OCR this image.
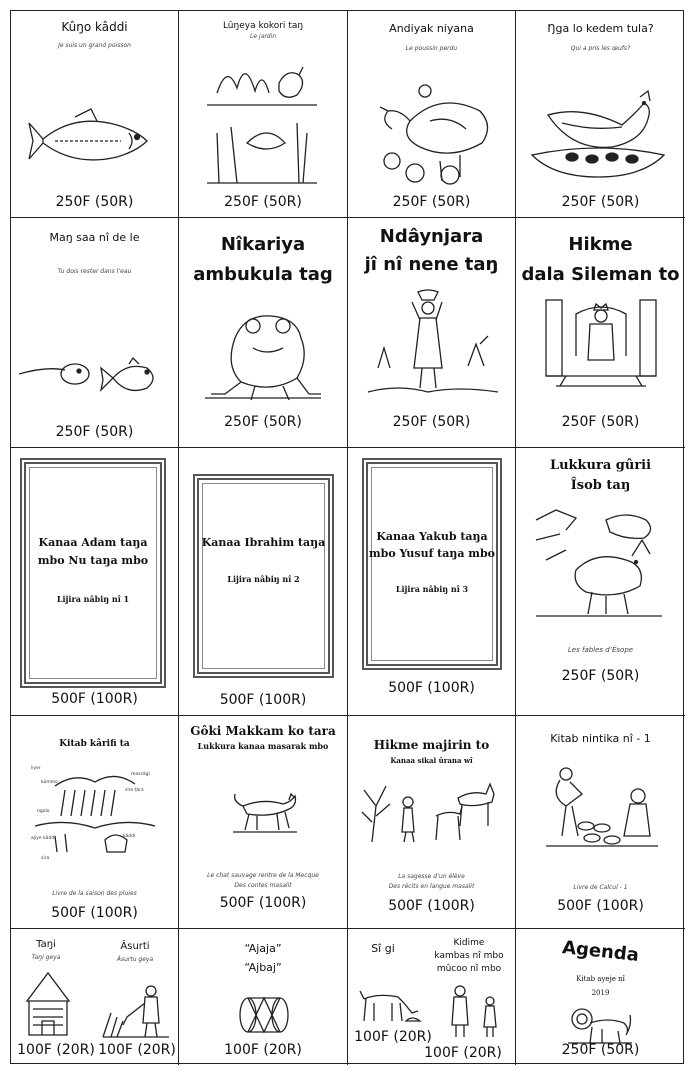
Kûŋo kâddi
Je suis un grand poisson
250F (50R)
Lûŋeya kokori taŋ
Le jardin
250F (50R)
Andiyak niyana
Le poussin perdu
250F (50R)
Ŋga lo kedem tula?
Qui a pris les œufs?
250F (50R)
Maŋ saa nî de le
Tu dois rester dans l’eau
250F (50R)
Nîkariya
ambukula tag
250F (50R)
Ndâynjara
jî nî nene taŋ
250F (50R)
Hikme
dala Sileman to
250F (50R)
Kanaa Adam taŋa
mbo Nu taŋa mbo
Lijira nâbiŋ nî 1
500F (100R)
Kanaa Ibrahim taŋa
Lijira nâbiŋ nî 2
500F (100R)
Kanaa Yakub taŋa
mbo Yusuf taŋa mbo
Lijira nâbiŋ nî 3
500F (100R)
Lukkura gûrii
Îsob taŋ
Les fables d’Ésope
250F (50R)
Kitab kârifi ta
liyer
massâgi
kûmmo
sîre târa
ngolo
ajiye kâddi	kâddi
sira
Livre de la saison des pluies
500F (100R)
Gôki Makkam ko tara
Lukkura kanaa masarak mbo
Le chat sauvage rentre de la Mecque
Des contes masalit
500F (100R)
Hikme majirin to
Kanaa sikal ûrana wî
La sagesse d’un élève
Des récits en langue masalit
500F (100R)
Kitab nintika nî - 1
Livre de Calcul - 1
500F (100R)
Taŋi
Taŋi geya
Âsurti
Âsurtu geya
100F (20R) 100F (20R)
“Ajaja”
“Ajbaj”
100F (20R)
Sî gi	Kidime
kambas nî mbo
mûcoo nî mbo
100F (20R)
100F (20R)
Agenda
Kitab ayeje nî
2019
250F (50R)
